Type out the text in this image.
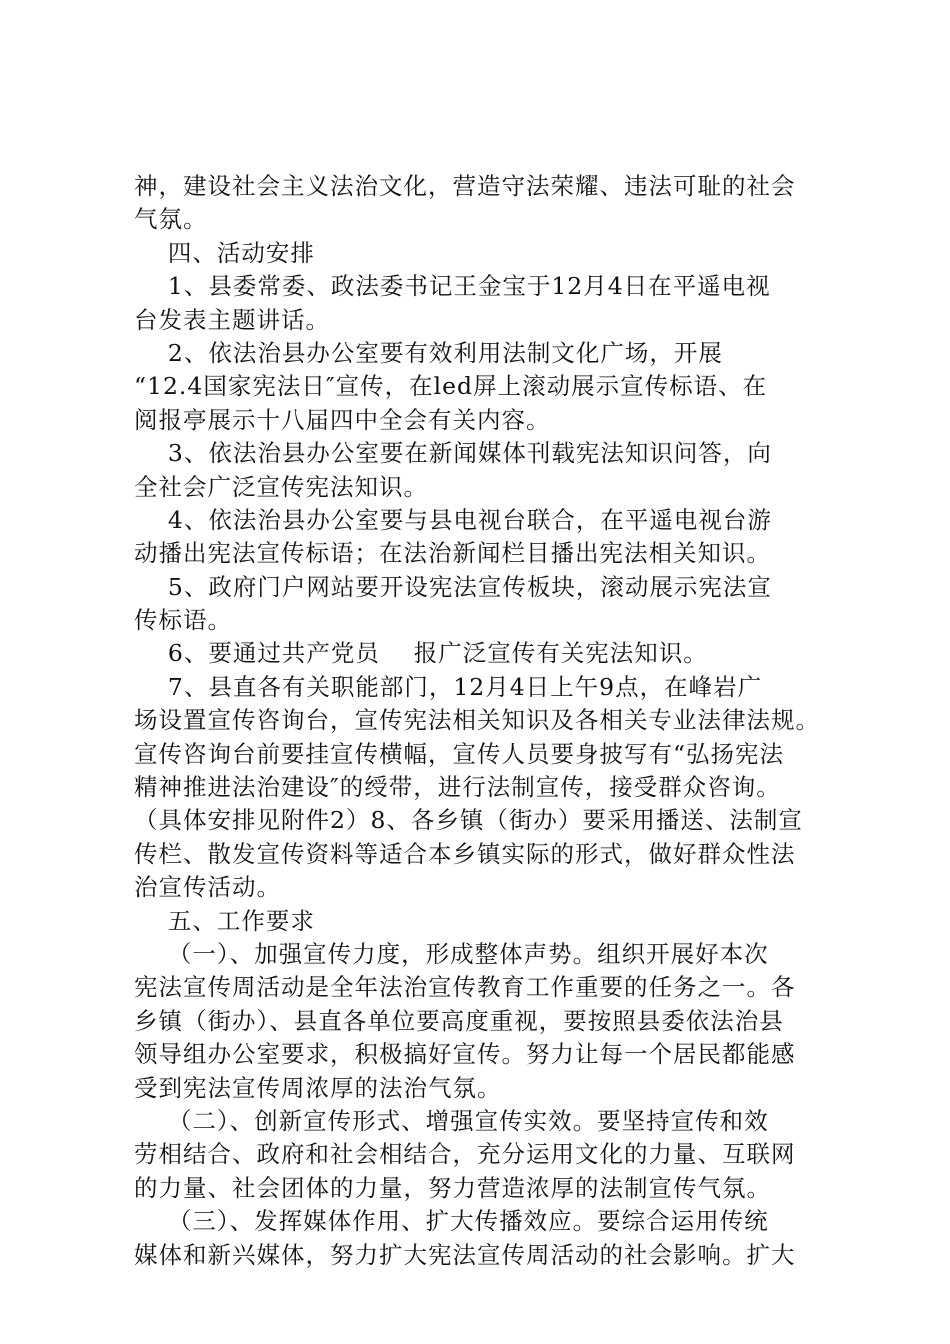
神，建设社会主义法治文化，营造守法荣耀、违法可耻的社会
气氛。
四、活动安排
1、县委常委、政法委书记王金宝于12月4日在平遥电视
台发表主题讲话。
2、依法治县办公室要有效利用法制文化广场，开展
“12.4国家宪法日″宣传，在led屏上滚动展示宣传标语、在
阅报亭展示十八届四中全会有关内容。
3、依法治县办公室要在新闻媒体刊载宪法知识问答，向
全社会广泛宣传宪法知识。
4、依法治县办公室要与县电视台联合，在平遥电视台游
动播出宪法宣传标语；在法治新闻栏目播出宪法相关知识。
5、政府门户网站要开设宪法宣传板块，滚动展示宪法宣
传标语。
6、要通过共产党员    报广泛宣传有关宪法知识。
7、县直各有关职能部门，12月4日上午9点，在峰岩广
场设置宣传咨询台，宣传宪法相关知识及各相关专业法律法规。
宣传咨询台前要挂宣传横幅，宣传人员要身披写有“弘扬宪法
精神推进法治建设″的绶带，进行法制宣传，接受群众咨询。
（具体安排见附件2）8、各乡镇（街办）要采用播送、法制宣
传栏、散发宣传资料等适合本乡镇实际的形式，做好群众性法
治宣传活动。
五、工作要求
（一）、加强宣传力度，形成整体声势。组织开展好本次
宪法宣传周活动是全年法治宣传教育工作重要的任务之一。各
乡镇（街办）、县直各单位要高度重视，要按照县委依法治县
领导组办公室要求，积极搞好宣传。努力让每一个居民都能感
受到宪法宣传周浓厚的法治气氛。
（二）、创新宣传形式、增强宣传实效。要坚持宣传和效
劳相结合、政府和社会相结合，充分运用文化的力量、互联网
的力量、社会团体的力量，努力营造浓厚的法制宣传气氛。
（三）、发挥媒体作用、扩大传播效应。要综合运用传统
媒体和新兴媒体，努力扩大宪法宣传周活动的社会影响。扩大
